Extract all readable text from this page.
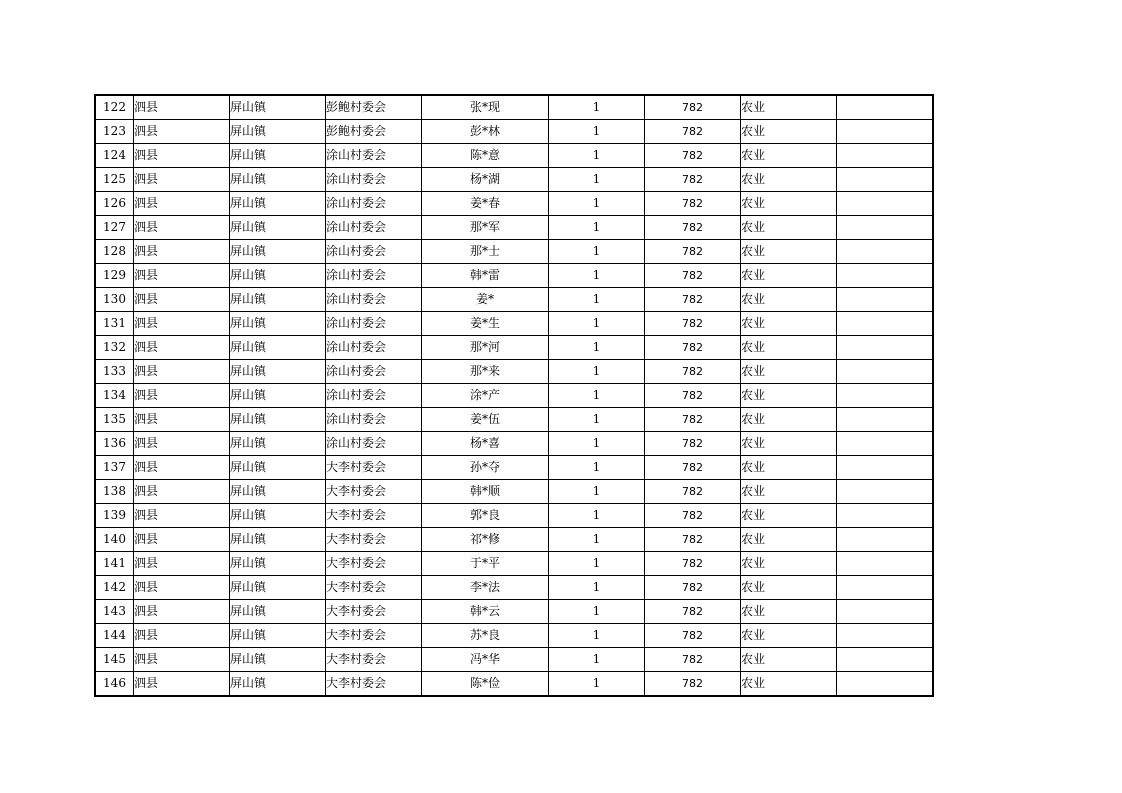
122	泗县	屏山镇	彭鲍村委会	张*现	1	782	农业	
123	泗县	屏山镇	彭鲍村委会	彭*林	1	782	农业	
124	泗县	屏山镇	涂山村委会	陈*意	1	782	农业	
125	泗县	屏山镇	涂山村委会	杨*湖	1	782	农业	
126	泗县	屏山镇	涂山村委会	姜*春	1	782	农业	
127	泗县	屏山镇	涂山村委会	那*军	1	782	农业	
128	泗县	屏山镇	涂山村委会	那*士	1	782	农业	
129	泗县	屏山镇	涂山村委会	韩*雷	1	782	农业	
130	泗县	屏山镇	涂山村委会	姜*	1	782	农业	
131	泗县	屏山镇	涂山村委会	姜*生	1	782	农业	
132	泗县	屏山镇	涂山村委会	那*河	1	782	农业	
133	泗县	屏山镇	涂山村委会	那*来	1	782	农业	
134	泗县	屏山镇	涂山村委会	涂*产	1	782	农业	
135	泗县	屏山镇	涂山村委会	姜*伍	1	782	农业	
136	泗县	屏山镇	涂山村委会	杨*喜	1	782	农业	
137	泗县	屏山镇	大李村委会	孙*夺	1	782	农业	
138	泗县	屏山镇	大李村委会	韩*顺	1	782	农业	
139	泗县	屏山镇	大李村委会	郭*良	1	782	农业	
140	泗县	屏山镇	大李村委会	祁*修	1	782	农业	
141	泗县	屏山镇	大李村委会	于*平	1	782	农业	
142	泗县	屏山镇	大李村委会	李*法	1	782	农业	
143	泗县	屏山镇	大李村委会	韩*云	1	782	农业	
144	泗县	屏山镇	大李村委会	苏*良	1	782	农业	
145	泗县	屏山镇	大李村委会	冯*华	1	782	农业	
146	泗县	屏山镇	大李村委会	陈*俭	1	782	农业	
